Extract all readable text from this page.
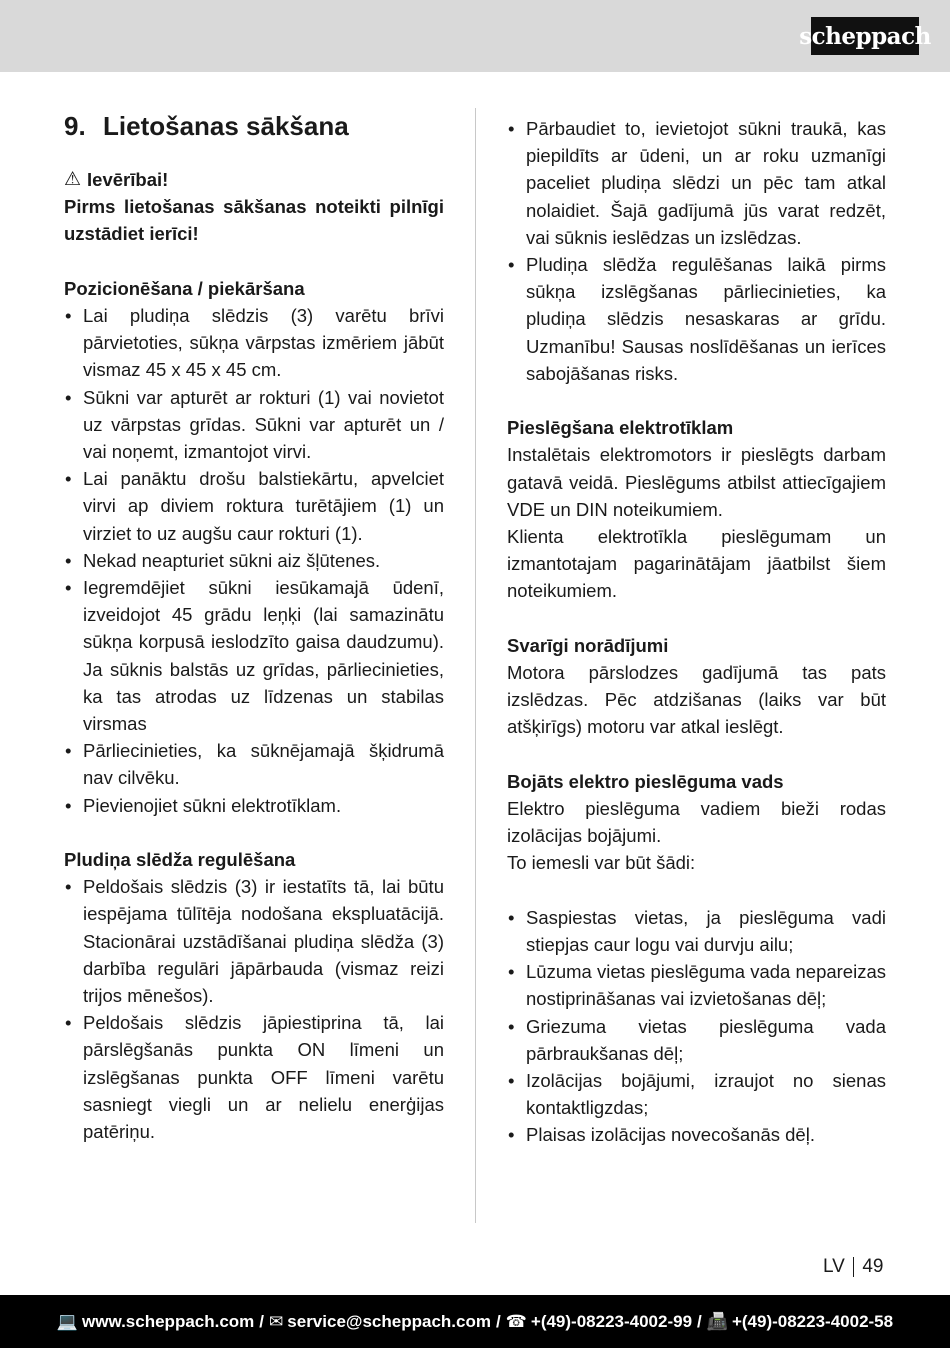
scheppach
9. Lietošanas sākšana

⚠ Ievērībai!

Pirms lietošanas sākšanas noteikti pilnīgi uzstādiet ierīci!

Pozicionēšana / piekāršana

• Lai pludiņa slēdzis (3) varētu brīvi pārvietoties, sūkņa vārpstas izmēriem jābūt vismaz 45 x 45 x 45 cm.
• Sūkni var apturēt ar rokturi (1) vai novietot uz vārpstas grīdas. Sūkni var apturēt un / vai noņemt, izmantojot virvi.
• Lai panāktu drošu balstiekārtu, apvelciet virvi ap diviem roktura turētājiem (1) un virziet to uz augšu caur rokturi (1).
• Nekad neapturiet sūkni aiz šļūtenes.
• Iegremdējiet sūkni iesūkamajā ūdenī, izveidojot 45 grādu leņķi (lai samazinātu sūkņa korpusā ieslodzīto gaisa daudzumu). Ja sūknis balstās uz grīdas, pārliecinieties, ka tas atrodas uz līdzenas un stabilas virsmas
• Pārliecinieties, ka sūknējamajā šķidrumā nav cilvēku.
• Pievienojiet sūkni elektrotīklam.

Pludiņa slēdža regulēšana

• Peldošais slēdzis (3) ir iestatīts tā, lai būtu iespējama tūlītēja nodošana ekspluatācijā. Stacionārai uzstādīšanai pludiņa slēdža (3) darbība regulāri jāpārbauda (vismaz reizi trijos mēnešos).
• Peldošais slēdzis jāpiestiprina tā, lai pārslēgšanās punkta ON līmeni un izslēgšanas punkta OFF līmeni varētu sasniegt viegli un ar nelielu enerģijas patēriņu.
• Pārbaudiet to, ievietojot sūkni traukā, kas piepildīts ar ūdeni, un ar roku uzmanīgi paceliet pludiņa slēdzi un pēc tam atkal nolaidiet. Šajā gadījumā jūs varat redzēt, vai sūknis ieslēdzas un izslēdzas.
• Pludiņa slēdža regulēšanas laikā pirms sūkņa izslēgšanas pārliecinieties, ka pludiņa slēdzis nesaskaras ar grīdu. Uzmanību! Sausas noslīdēšanas un ierīces sabojāšanas risks.

Pieslēgšana elektrotīklam

Instalētais elektromotors ir pieslēgts darbam gatavā veidā. Pieslēgums atbilst attiecīgajiem VDE un DIN noteikumiem.

Klienta elektrotīkla pieslēgumam un izmantotajam pagarinātājam jāatbilst šiem noteikumiem.

Svarīgi norādījumi

Motora pārslodzes gadījumā tas pats izslēdzas. Pēc atdzišanas (laiks var būt atšķirīgs) motoru var atkal ieslēgt.

Bojāts elektro pieslēguma vads

Elektro pieslēguma vadiem bieži rodas izolācijas bojājumi.

To iemesli var būt šādi:

• Saspiestas vietas, ja pieslēguma vadi stiepjas caur logu vai durvju ailu;
• Lūzuma vietas pieslēguma vada nepareizas nostiprināšanas vai izvietošanas dēļ;
• Griezuma vietas pieslēguma vada pārbraukšanas dēļ;
• Izolācijas bojājumi, izraujot no sienas kontaktligzdas;
• Plaisas izolācijas novecošanās dēļ.
LV 49
💻 www.scheppach.com / ✉ service@scheppach.com / ☎ +(49)-08223-4002-99 / 📠 +(49)-08223-4002-58
